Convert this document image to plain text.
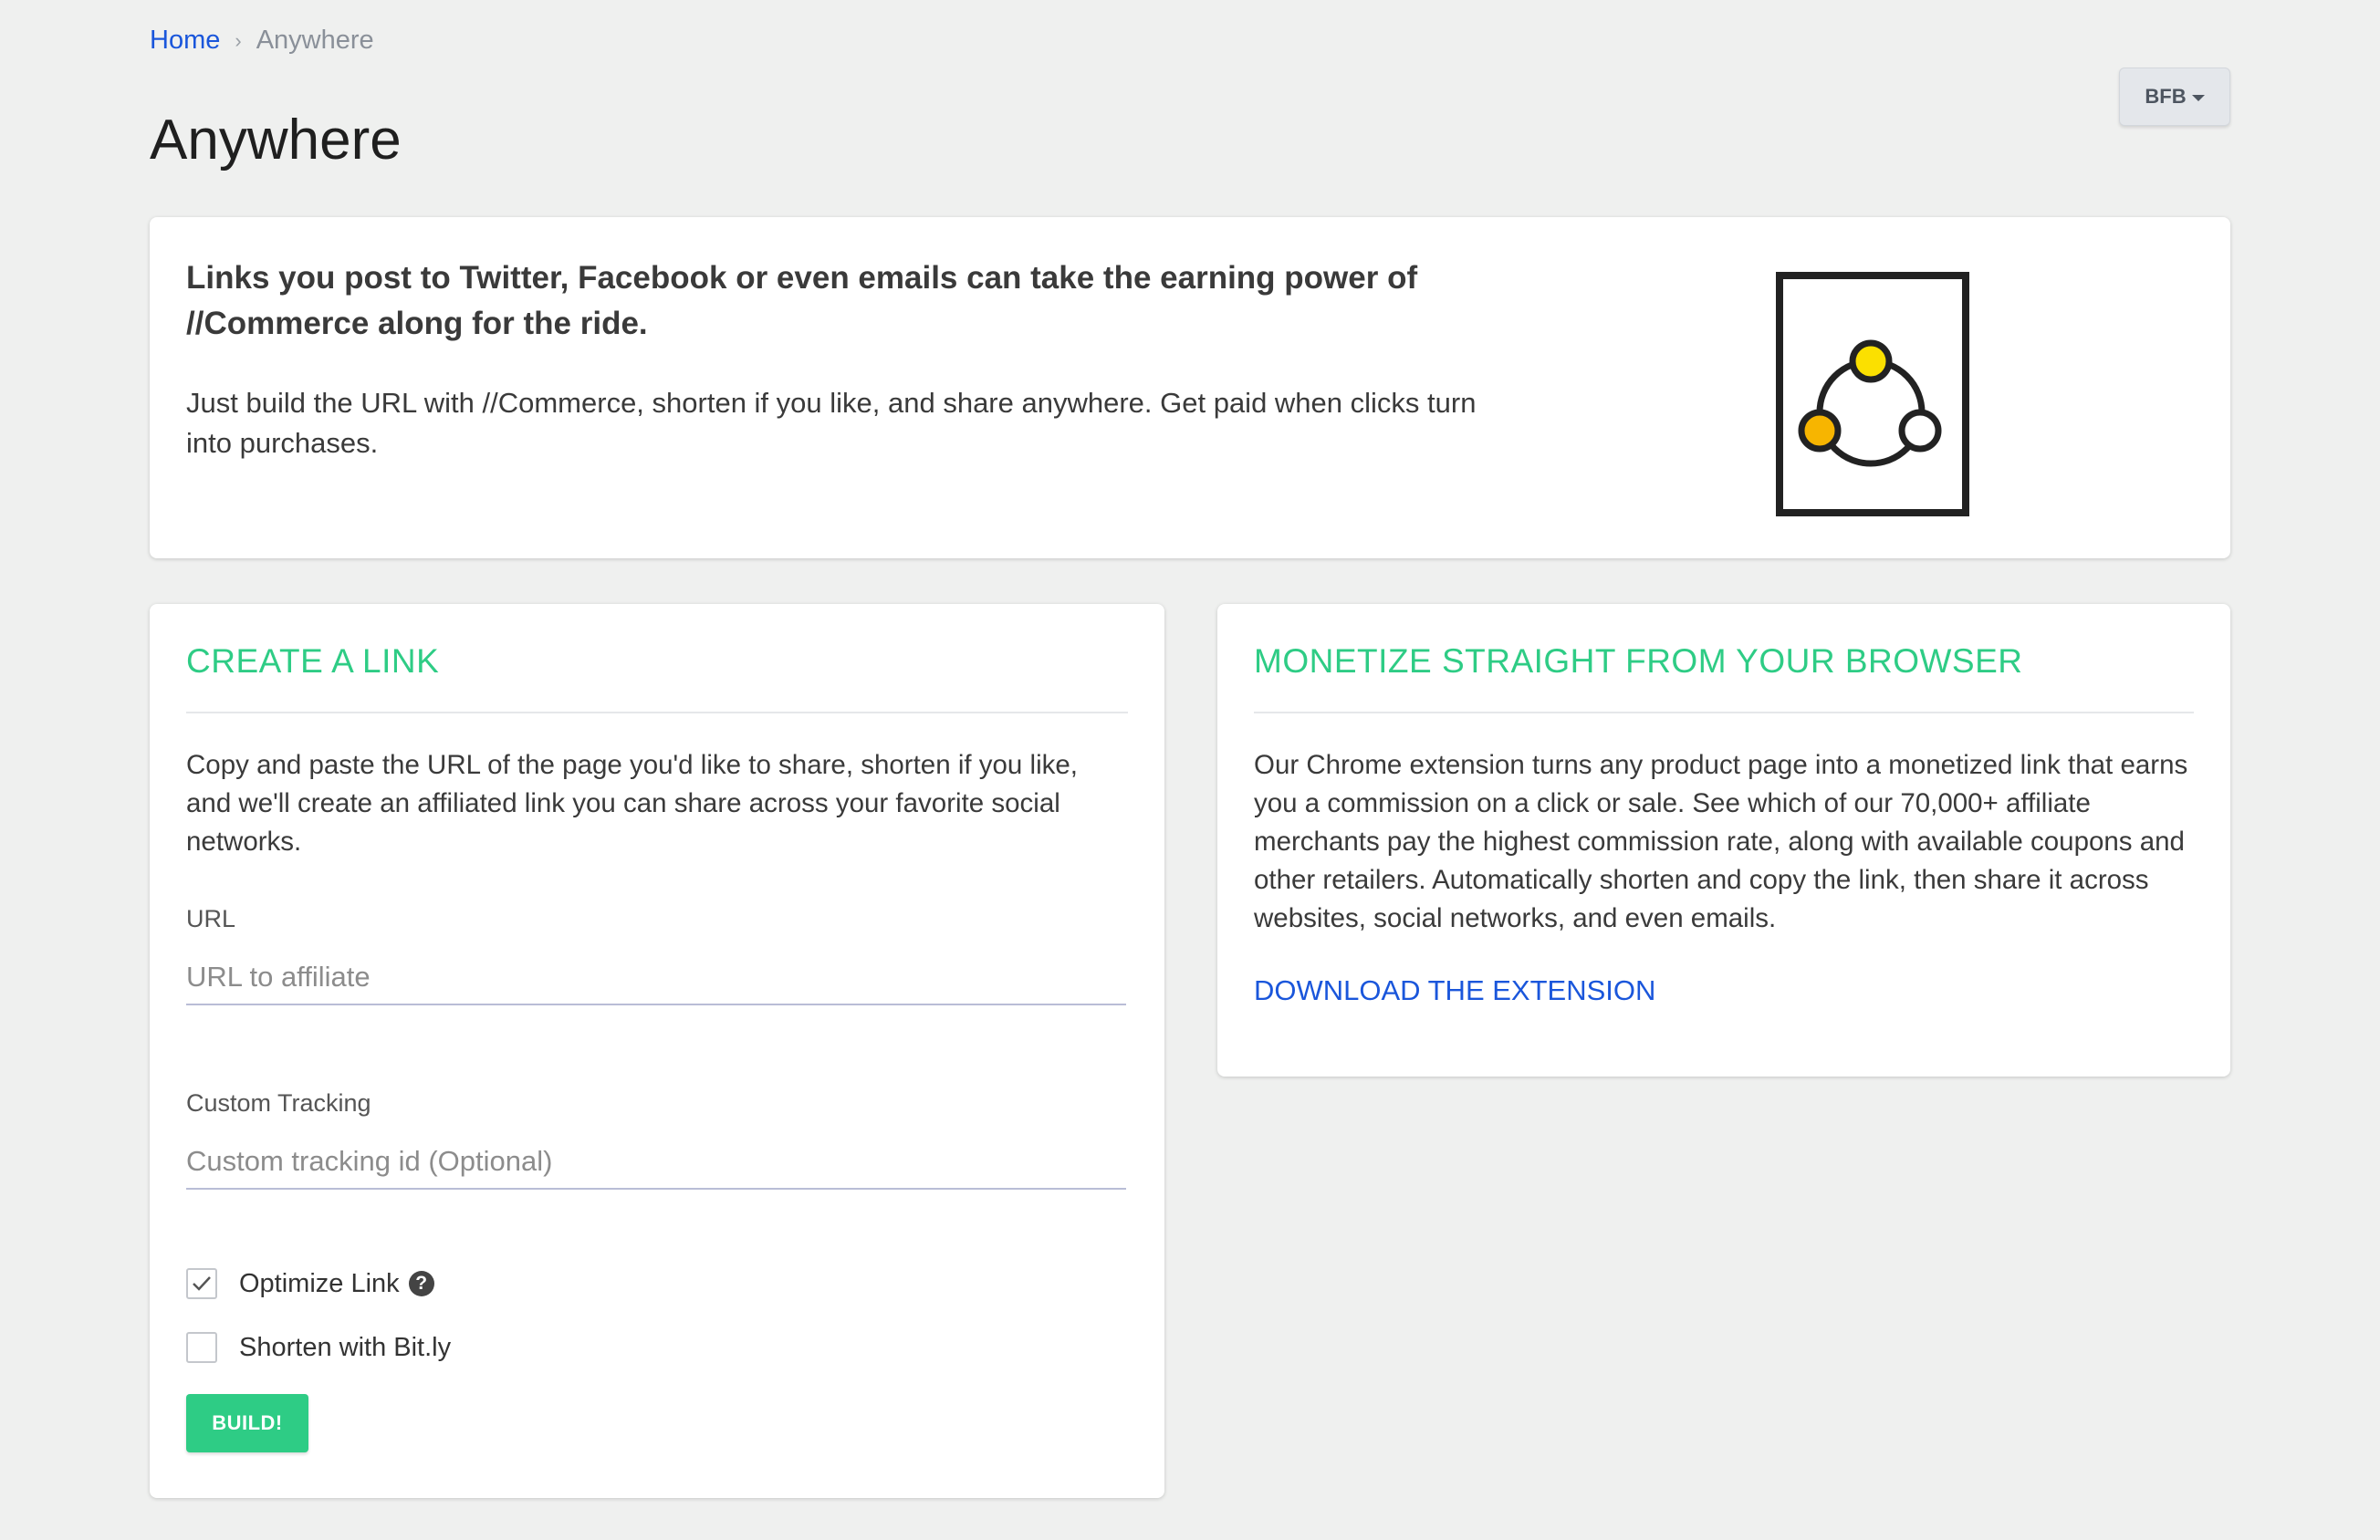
Home › Anywhere
BFB
Anywhere
Links you post to Twitter, Facebook or even emails can take the earning power of //Commerce along for the ride.
Just build the URL with //Commerce, shorten if you like, and share anywhere. Get paid when clicks turn into purchases.
CREATE A LINK
Copy and paste the URL of the page you'd like to share, shorten if you like, and we'll create an affiliated link you can share across your favorite social networks.
URL
URL to affiliate
Custom Tracking
Custom tracking id (Optional)
Optimize Link ?
Shorten with Bit.ly
BUILD!
MONETIZE STRAIGHT FROM YOUR BROWSER
Our Chrome extension turns any product page into a monetized link that earns you a commission on a click or sale. See which of our 70,000+ affiliate merchants pay the highest commission rate, along with available coupons and other retailers. Automatically shorten and copy the link, then share it across websites, social networks, and even emails.
DOWNLOAD THE EXTENSION
